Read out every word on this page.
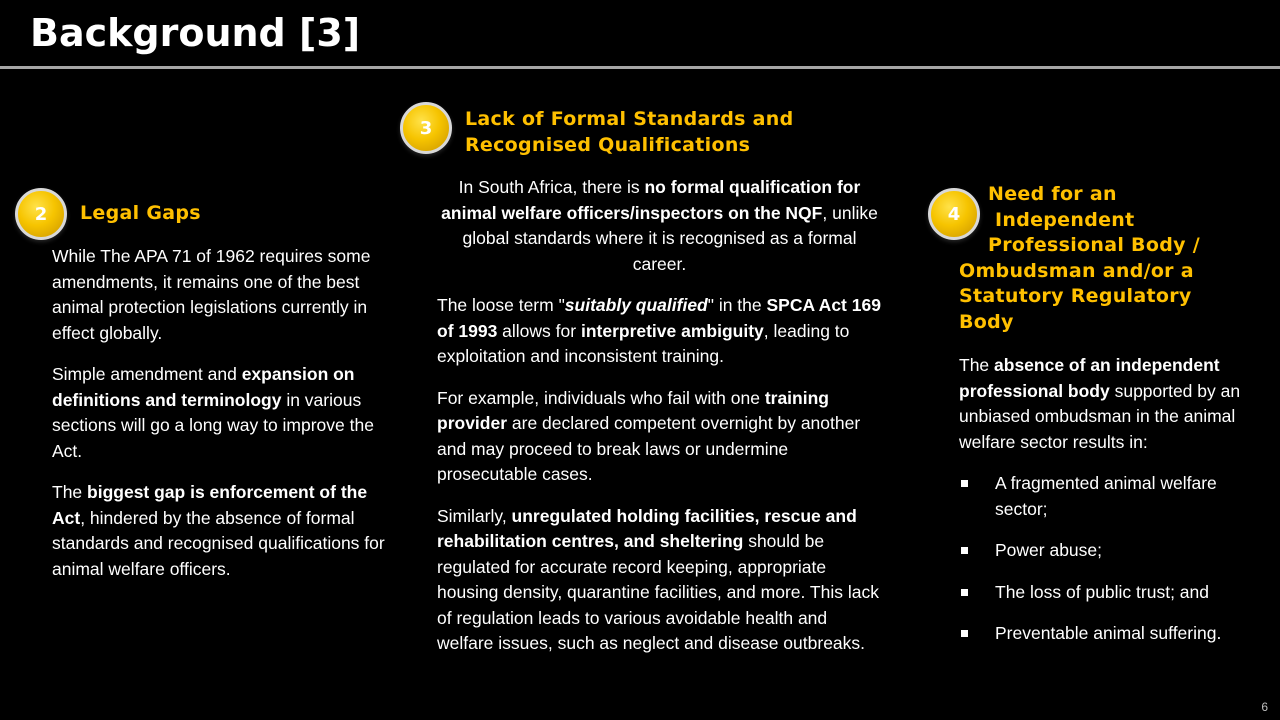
Background [3]
2	Legal Gaps

While The APA 71 of 1962 requires some amendments, it remains one of the best animal protection legislations currently in effect globally.

Simple amendment and expansion on definitions and terminology in various sections will go a long way to improve the Act.

The biggest gap is enforcement of the Act, hindered by the absence of formal standards and recognised qualifications for animal welfare officers.

3	Lack of Formal Standards and
Recognised Qualifications

In South Africa, there is no formal qualification for animal welfare officers/inspectors on the NQF, unlike global standards where it is recognised as a formal career.

The loose term "suitably qualified" in the SPCA Act 169 of 1993 allows for interpretive ambiguity, leading to exploitation and inconsistent training.

For example, individuals who fail with one training provider are declared competent overnight by another and may proceed to break laws or undermine prosecutable cases.

Similarly, unregulated holding facilities, rescue and rehabilitation centres, and sheltering should be regulated for accurate record keeping, appropriate housing density, quarantine facilities, and more. This lack of regulation leads to various avoidable health and welfare issues, such as neglect and disease outbreaks.

4
Need for an
Independent
Professional Body /
Ombudsman and/or a
Statutory Regulatory
Body

The absence of an independent professional body supported by an unbiased ombudsman in the animal welfare sector results in:

A fragmented animal welfare sector;
Power abuse;
The loss of public trust; and
Preventable animal suffering.
6
